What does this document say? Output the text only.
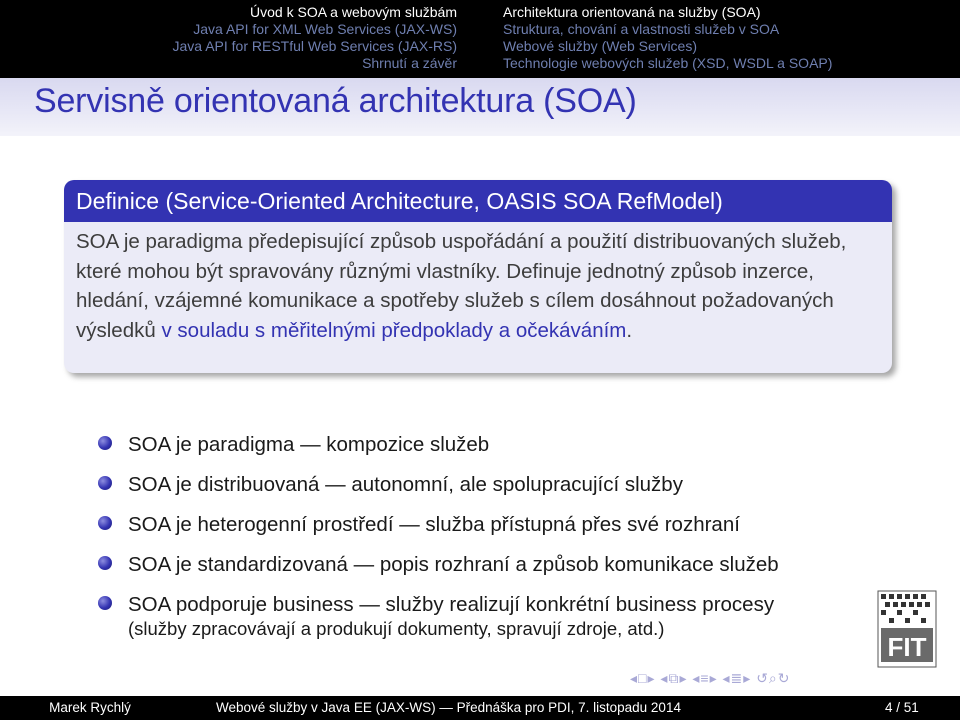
Úvod k SOA a webovým službám
Java API for XML Web Services (JAX-WS)
Java API for RESTful Web Services (JAX-RS)
Shrnutí a závěr
Architektura orientovaná na služby (SOA)
Struktura, chování a vlastnosti služeb v SOA
Webové služby (Web Services)
Technologie webových služeb (XSD, WSDL a SOAP)
Servisně orientovaná architektura (SOA)
Definice (Service-Oriented Architecture, OASIS SOA RefModel)
SOA je paradigma předepisující způsob uspořádání a použití distribuovaných služeb, které mohou být spravovány různými vlastníky. Definuje jednotný způsob inzerce, hledání, vzájemné komunikace a spotřeby služeb s cílem dosáhnout požadovaných výsledků v souladu s měřitelnými předpoklady a očekáváním.
SOA je paradigma — kompozice služeb
SOA je distribuovaná — autonomní, ale spolupracující služby
SOA je heterogenní prostředí — služba přístupná přes své rozhraní
SOA je standardizovaná — popis rozhraní a způsob komunikace služeb
SOA podporuje business — služby realizují konkrétní business procesy
(služby zpracovávají a produkují dokumenty, spravují zdroje, atd.)
FIT
◂□▸ ◂⧉▸ ◂≡▸ ◂≣▸ ↺⌕↻
Marek Rychlý	Webové služby v Java EE (JAX-WS) — Přednáška pro PDI, 7. listopadu 2014	4 / 51
